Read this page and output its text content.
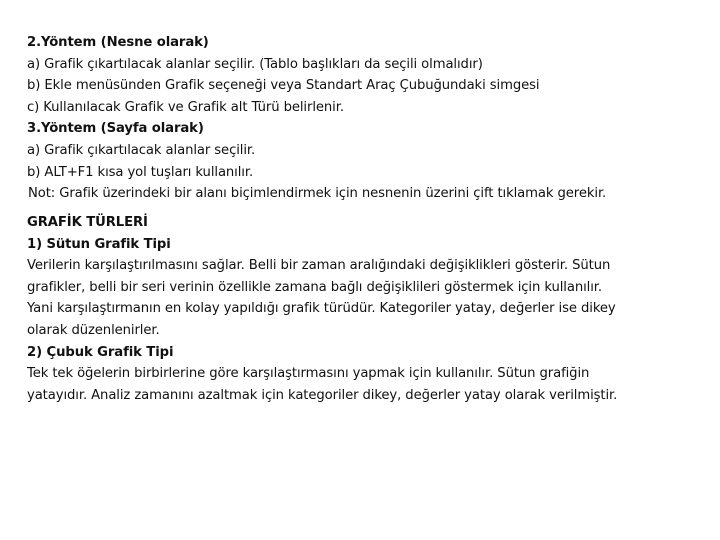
2.Yöntem (Nesne olarak)
a) Grafik çıkartılacak alanlar seçilir. (Tablo başlıkları da seçili olmalıdır)
b) Ekle menüsünden Grafik seçeneği veya Standart Araç Çubuğundaki simgesi
c) Kullanılacak Grafik ve Grafik alt Türü belirlenir.
3.Yöntem (Sayfa olarak)
a) Grafik çıkartılacak alanlar seçilir.
b) ALT+F1 kısa yol tuşları kullanılır.
Not: Grafik üzerindeki bir alanı biçimlendirmek için nesnenin üzerini çift tıklamak gerekir.
GRAFİK TÜRLERİ
1) Sütun Grafik Tipi
Verilerin karşılaştırılmasını sağlar. Belli bir zaman aralığındaki değişiklikleri gösterir. Sütun
grafikler, belli bir seri verinin özellikle zamana bağlı değişiklileri göstermek için kullanılır.
Yani karşılaştırmanın en kolay yapıldığı grafik türüdür. Kategoriler yatay, değerler ise dikey
olarak düzenlenirler.
2) Çubuk Grafik Tipi
Tek tek öğelerin birbirlerine göre karşılaştırmasını yapmak için kullanılır. Sütun grafiğin
yatayıdır. Analiz zamanını azaltmak için kategoriler dikey, değerler yatay olarak verilmiştir.
